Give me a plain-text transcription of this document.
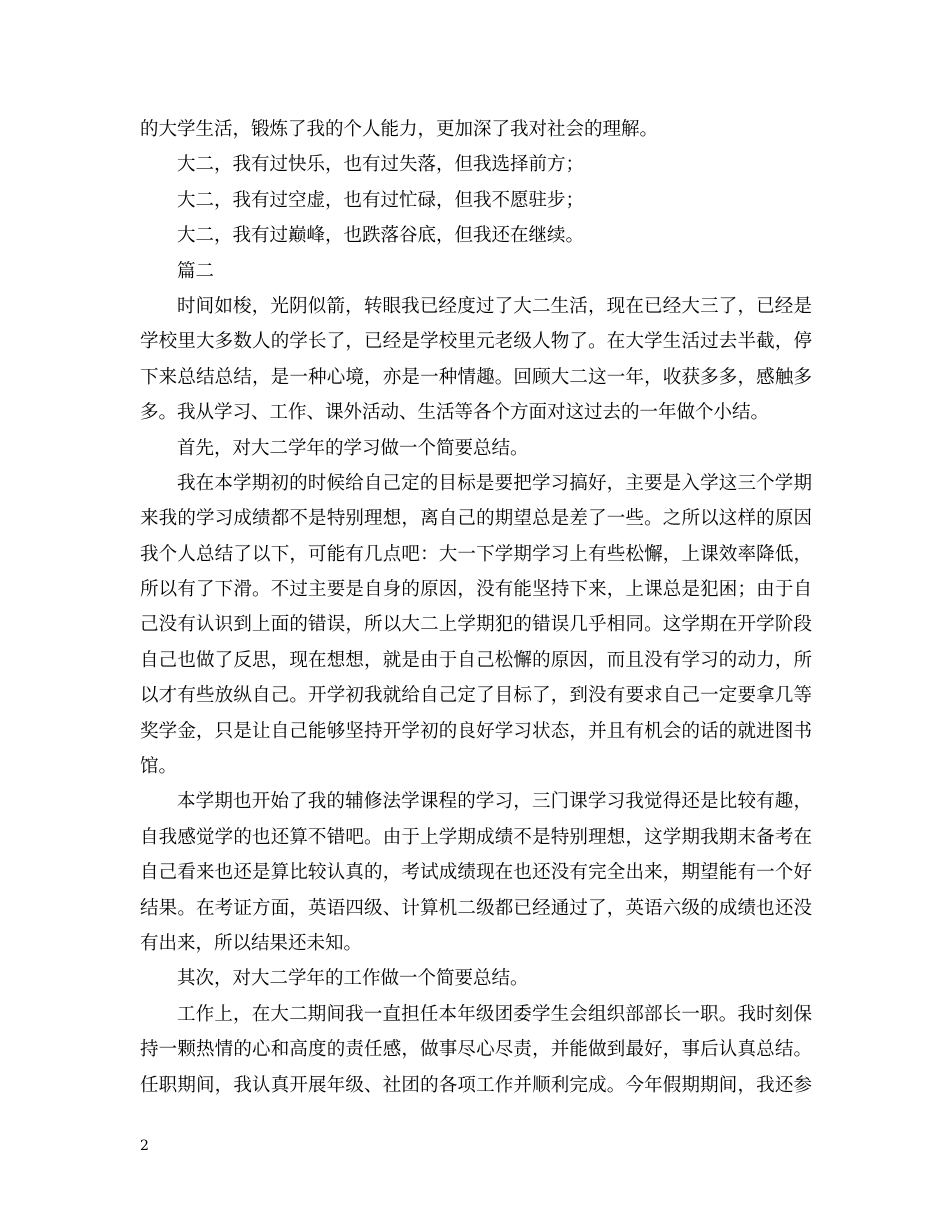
的大学生活，锻炼了我的个人能力，更加深了我对社会的理解。
大二，我有过快乐，也有过失落，但我选择前方；
大二，我有过空虚，也有过忙碌，但我不愿驻步；
大二，我有过巅峰，也跌落谷底，但我还在继续。
篇二
时间如梭，光阴似箭，转眼我已经度过了大二生活，现在已经大三了，已经是
学校里大多数人的学长了，已经是学校里元老级人物了。在大学生活过去半截，停
下来总结总结，是一种心境，亦是一种情趣。回顾大二这一年，收获多多，感触多
多。我从学习、工作、课外活动、生活等各个方面对这过去的一年做个小结。
首先，对大二学年的学习做一个简要总结。
我在本学期初的时候给自己定的目标是要把学习搞好，主要是入学这三个学期
来我的学习成绩都不是特别理想，离自己的期望总是差了一些。之所以这样的原因
我个人总结了以下，可能有几点吧：大一下学期学习上有些松懈，上课效率降低，
所以有了下滑。不过主要是自身的原因，没有能坚持下来，上课总是犯困；由于自
己没有认识到上面的错误，所以大二上学期犯的错误几乎相同。这学期在开学阶段
自己也做了反思，现在想想，就是由于自己松懈的原因，而且没有学习的动力，所
以才有些放纵自己。开学初我就给自己定了目标了，到没有要求自己一定要拿几等
奖学金，只是让自己能够坚持开学初的良好学习状态，并且有机会的话的就进图书
馆。
本学期也开始了我的辅修法学课程的学习，三门课学习我觉得还是比较有趣，
自我感觉学的也还算不错吧。由于上学期成绩不是特别理想，这学期我期末备考在
自己看来也还是算比较认真的，考试成绩现在也还没有完全出来，期望能有一个好
结果。在考证方面，英语四级、计算机二级都已经通过了，英语六级的成绩也还没
有出来，所以结果还未知。
其次，对大二学年的工作做一个简要总结。
工作上，在大二期间我一直担任本年级团委学生会组织部部长一职。我时刻保
持一颗热情的心和高度的责任感，做事尽心尽责，并能做到最好，事后认真总结。
任职期间，我认真开展年级、社团的各项工作并顺利完成。今年假期期间，我还参
2
